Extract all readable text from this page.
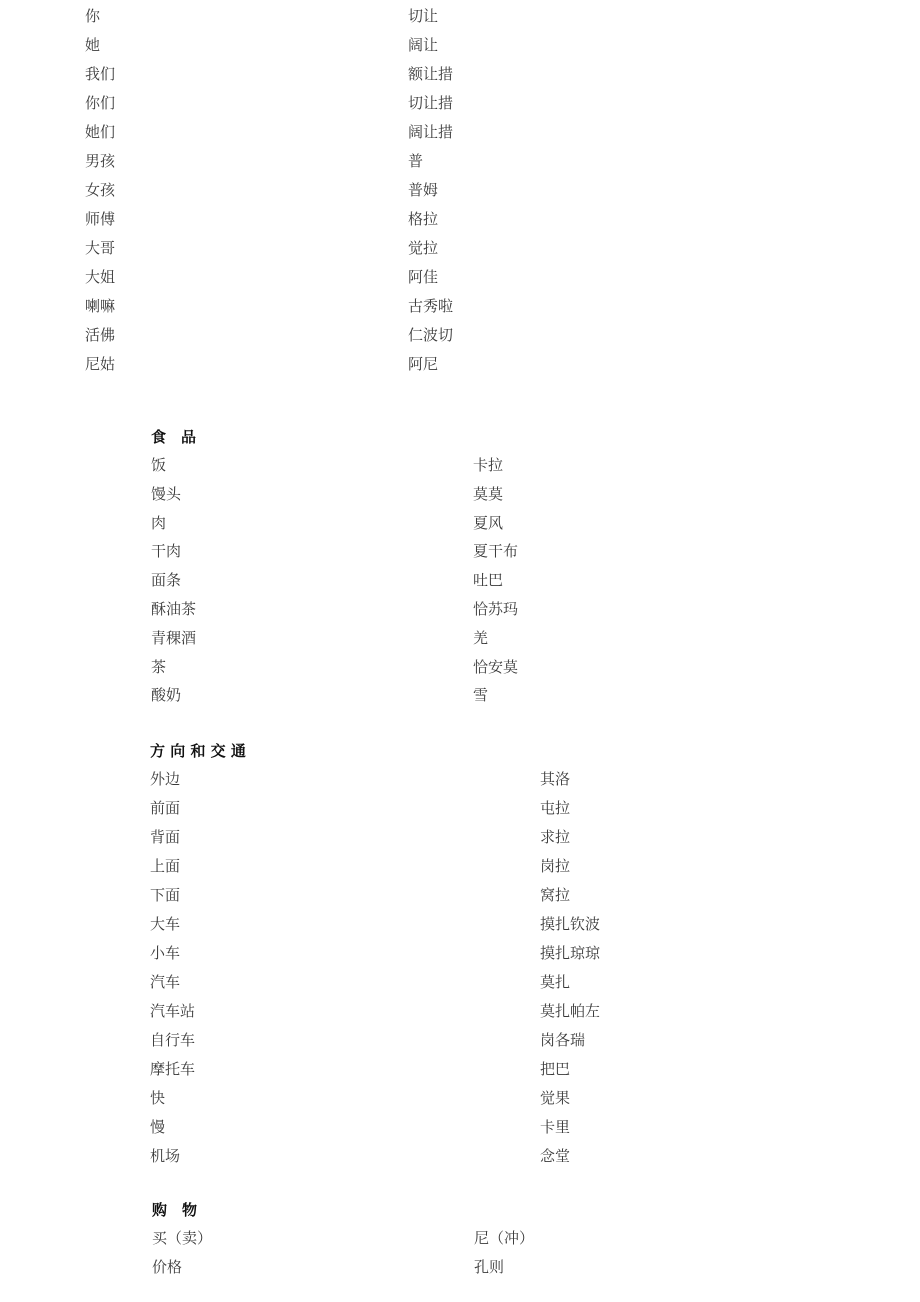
你	切让
她	阔让
我们	额让措
你们	切让措
她们	阔让措
男孩	普
女孩	普姆
师傅	格拉
大哥	觉拉
大姐	阿佳
喇嘛	古秀啦
活佛	仁波切
尼姑	阿尼
食　品
饭	卡拉
馒头	莫莫
肉	夏风
干肉	夏干布
面条	吐巴
酥油茶	恰苏玛
青稞酒	羌
茶	恰安莫
酸奶	雪
方 向 和 交 通
外边	其洛
前面	屯拉
背面	求拉
上面	岗拉
下面	窝拉
大车	摸扎钦波
小车	摸扎琼琼
汽车	莫扎
汽车站	莫扎帕左
自行车	岗各瑞
摩托车	把巴
快	觉果
慢	卡里
机场	念堂
购　物
买（卖）	尼（冲）
价格	孔则
